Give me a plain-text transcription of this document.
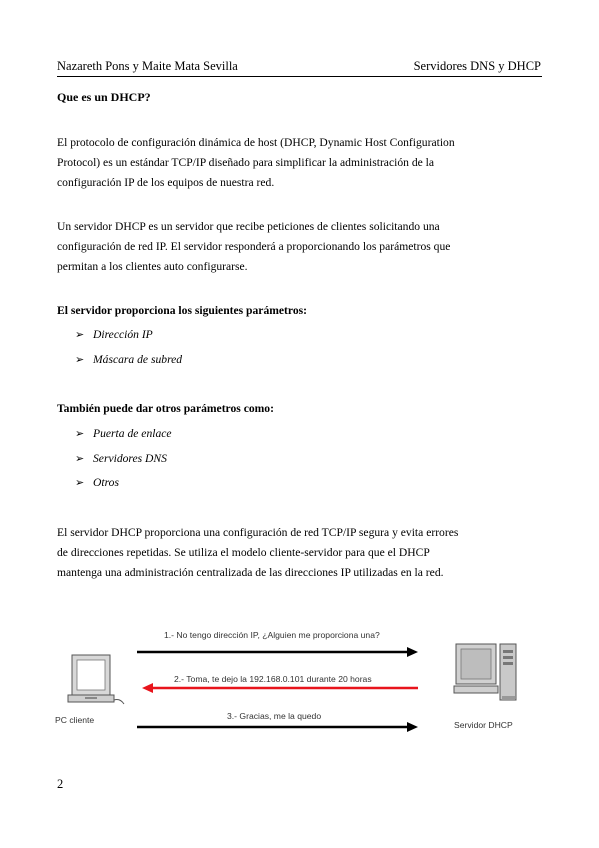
Nazareth Pons y Maite Mata Sevilla	Servidores DNS y DHCP
Que es un DHCP?

El protocolo de configuración dinámica de host (DHCP, Dynamic Host Configuration
Protocol) es un estándar TCP/IP diseñado para simplificar la administración de la
configuración IP de los equipos de nuestra red.

Un servidor DHCP es un servidor que recibe peticiones de clientes solicitando una
configuración de red IP. El servidor responderá a proporcionando los parámetros que
permitan a los clientes auto configurarse.

El servidor proporciona los siguientes parámetros:

➢ Dirección IP
➢ Máscara de subred

También puede dar otros parámetros como:

➢ Puerta de enlace
➢ Servidores DNS
➢ Otros

El servidor DHCP proporciona una configuración de red TCP/IP segura y evita errores
de direcciones repetidas. Se utiliza el modelo cliente-servidor para que el DHCP
mantenga una administración centralizada de las direcciones IP utilizadas en la red.

1.- No tengo dirección IP, ¿Alguien me proporciona una?
2.- Toma, te dejo la 192.168.0.101 durante 20 horas
3.- Gracias, me la quedo
PC cliente	Servidor DHCP
2
